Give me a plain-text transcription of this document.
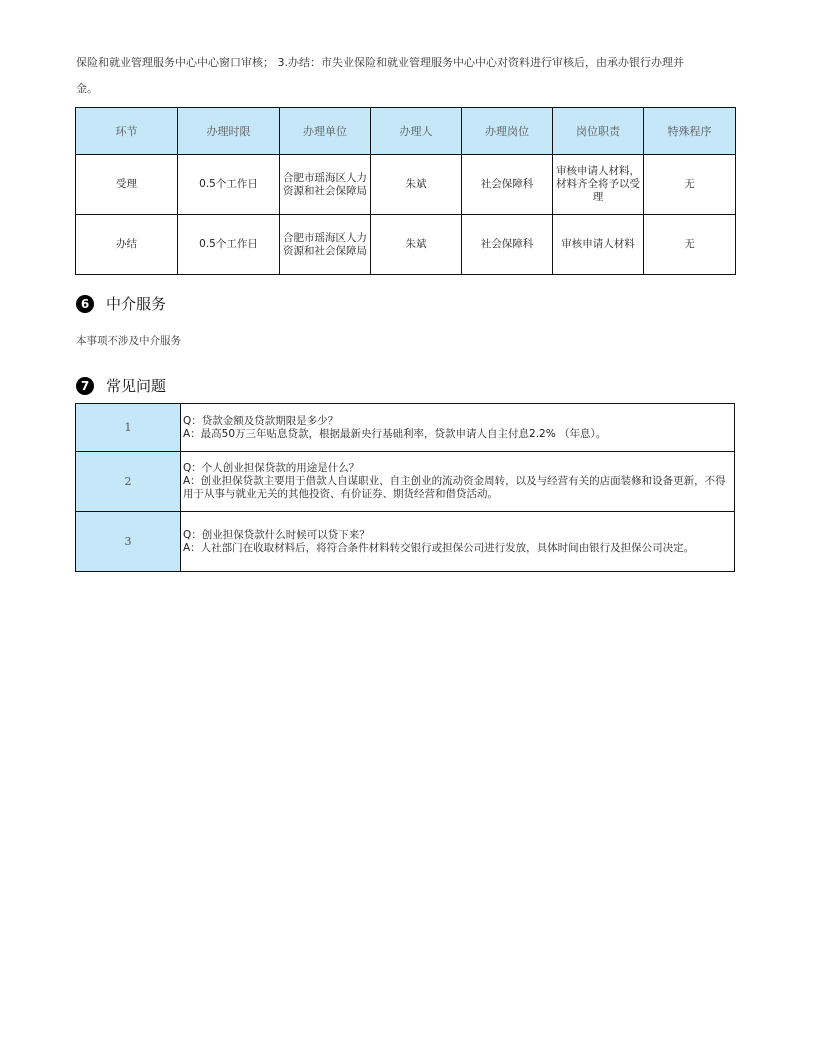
保险和就业管理服务中心中心窗口审核； 3.办结：市失业保险和就业管理服务中心中心对资料进行审核后，由承办银行办理并
金。
环节	办理时限	办理单位	办理人	办理岗位	岗位职责	特殊程序
受理	0.5个工作日	合肥市瑶海区人力资源和社会保障局	朱斌	社会保障科	审核申请人材料，材料齐全将予以受理	无
办结	0.5个工作日	合肥市瑶海区人力资源和社会保障局	朱斌	社会保障科	审核申请人材料	无
6	中介服务
本事项不涉及中介服务
7	常见问题
1	Q：贷款金额及贷款期限是多少？
A：最高50万三年贴息贷款，根据最新央行基础利率，贷款申请人自主付息2.2% （年息）。

2	Q：个人创业担保贷款的用途是什么？
A：创业担保贷款主要用于借款人自谋职业、自主创业的流动资金周转，以及与经营有关的店面装修和设备更新，不得用于从事与就业无关的其他投资、有价证券、期货经营和借贷活动。

3	Q：创业担保贷款什么时候可以贷下来？
A：人社部门在收取材料后，将符合条件材料转交银行或担保公司进行发放，具体时间由银行及担保公司决定。
